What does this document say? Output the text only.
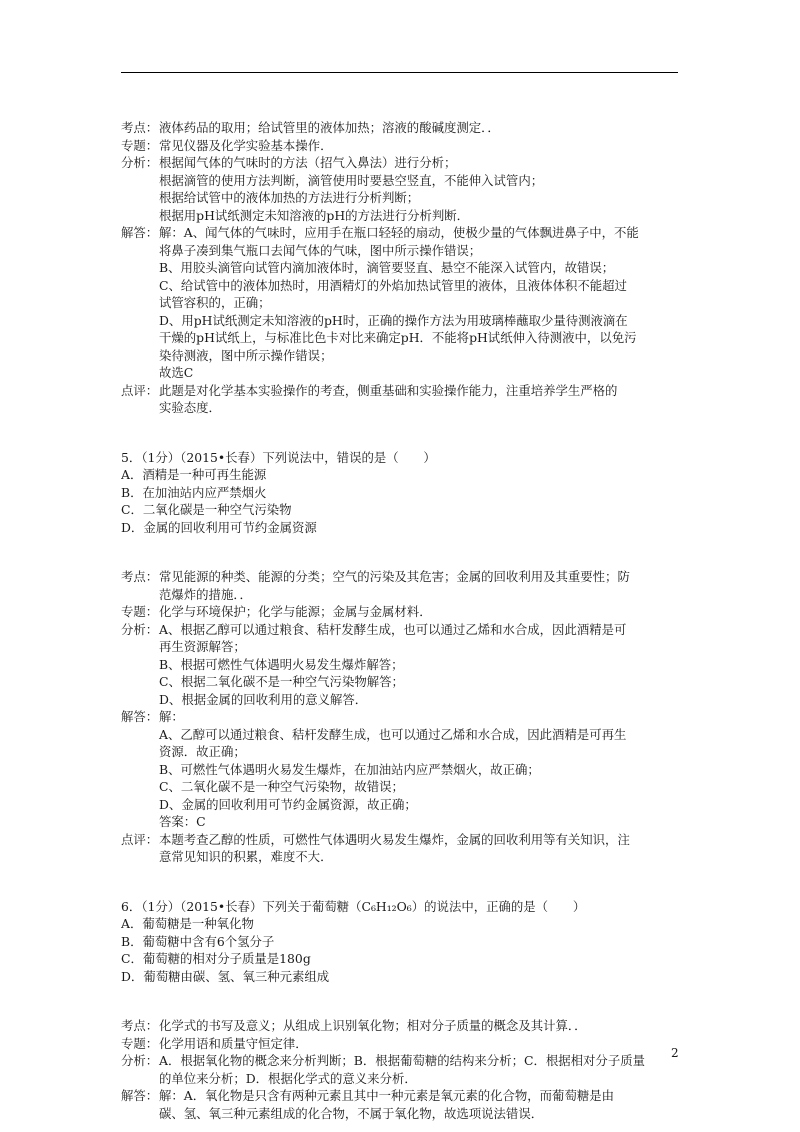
考点：液体药品的取用；给试管里的液体加热；溶液的酸碱度测定．．
专题：常见仪器及化学实验基本操作．
分析：根据闻气体的气味时的方法（招气入鼻法）进行分析；
根据滴管的使用方法判断，滴管使用时要悬空竖直，不能伸入试管内；
根据给试管中的液体加热的方法进行分析判断；
根据用pH试纸测定未知溶液的pH的方法进行分析判断．
解答：解：A、闻气体的气味时，应用手在瓶口轻轻的扇动，使极少量的气体飘进鼻子中，不能
将鼻子凑到集气瓶口去闻气体的气味，图中所示操作错误；
B、用胶头滴管向试管内滴加液体时，滴管要竖直、悬空不能深入试管内，故错误；
C、给试管中的液体加热时，用酒精灯的外焰加热试管里的液体，且液体体积不能超过
试管容积的，正确；
D、用pH试纸测定未知溶液的pH时，正确的操作方法为用玻璃棒蘸取少量待测液滴在
干燥的pH试纸上，与标准比色卡对比来确定pH．不能将pH试纸伸入待测液中，以免污
染待测液，图中所示操作错误；
故选C
点评：此题是对化学基本实验操作的考查，侧重基础和实验操作能力，注重培养学生严格的
实验态度．
5．（1分）（2015•长春）下列说法中，错误的是（　　）
A．酒精是一种可再生能源
B．在加油站内应严禁烟火
C．二氧化碳是一种空气污染物
D．金属的回收利用可节约金属资源
考点：常见能源的种类、能源的分类；空气的污染及其危害；金属的回收利用及其重要性；防
范爆炸的措施．．
专题：化学与环境保护；化学与能源；金属与金属材料．
分析：A、根据乙醇可以通过粮食、秸杆发酵生成，也可以通过乙烯和水合成，因此酒精是可
再生资源解答；
B、根据可燃性气体遇明火易发生爆炸解答；
C、根据二氧化碳不是一种空气污染物解答；
D、根据金属的回收利用的意义解答．
解答：解：
A、乙醇可以通过粮食、秸杆发酵生成，也可以通过乙烯和水合成，因此酒精是可再生
资源．故正确；
B、可燃性气体遇明火易发生爆炸，在加油站内应严禁烟火，故正确；
C、二氧化碳不是一种空气污染物，故错误；
D、金属的回收利用可节约金属资源，故正确；
答案：C
点评：本题考查乙醇的性质，可燃性气体遇明火易发生爆炸，金属的回收利用等有关知识，注
意常见知识的积累，难度不大．
6．（1分）（2015•长春）下列关于葡萄糖（C₆H₁₂O₆）的说法中，正确的是（　　）
A．葡萄糖是一种氧化物
B．葡萄糖中含有6个氢分子
C．葡萄糖的相对分子质量是180g
D．葡萄糖由碳、氢、氧三种元素组成
考点：化学式的书写及意义；从组成上识别氧化物；相对分子质量的概念及其计算．．
专题：化学用语和质量守恒定律．
分析：A．根据氧化物的概念来分析判断；B．根据葡萄糖的结构来分析；C．根据相对分子质量
的单位来分析；D．根据化学式的意义来分析．
解答：解：A．氧化物是只含有两种元素且其中一种元素是氧元素的化合物，而葡萄糖是由
碳、氢、氧三种元素组成的化合物，不属于氧化物，故选项说法错误．
2
